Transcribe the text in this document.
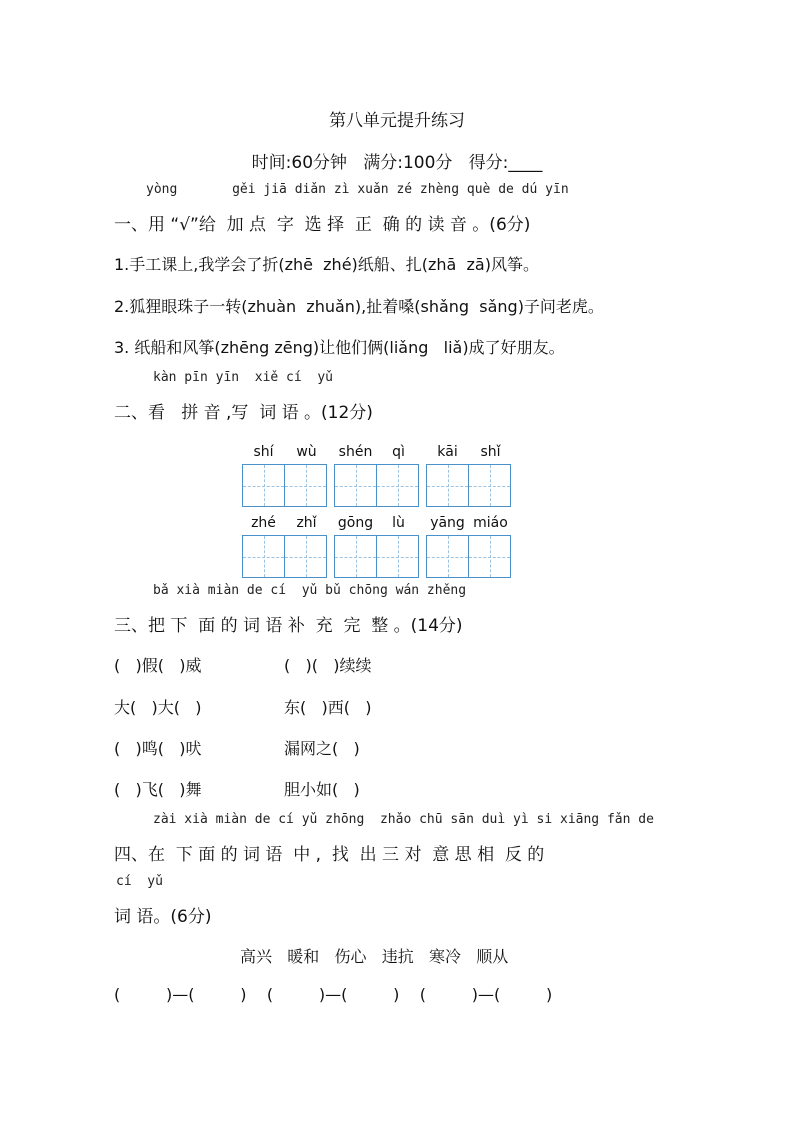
第八单元提升练习
时间:60分钟   满分:100分   得分:____
yòng       gěi jiā diǎn zì xuǎn zé zhèng què de dú yīn
一、用 “√”给  加 点  字  选 择  正  确 的 读 音 。(6分)
1.手工课上,我学会了折(zhē  zhé)纸船、扎(zhā  zā)风筝。
2.狐狸眼珠子一转(zhuàn  zhuǎn),扯着嗓(shǎng  sǎng)子问老虎。
3. 纸船和风筝(zhēng zēng)让他们俩(liǎng   liǎ)成了好朋友。
kàn pīn yīn  xiě cí  yǔ
二、看   拼 音 ,写  词 语 。(12分)
shí	wù	shén	qì	kāi	shǐ
zhé	zhǐ	gōng	lù	yāng miáo
bǎ xià miàn de cí  yǔ bǔ chōng wán zhěng
三、把 下  面 的 词 语 补  充  完  整 。(14分)
(   )假(   )威	(   )(   )续续
大(   )大(   )	东(   )西(   )
(   )鸣(   )吠	漏网之(   )
(   )飞(   )舞	胆小如(   )
zài xià miàn de cí yǔ zhōng  zhǎo chū sān duì yì si xiāng fǎn de
四、在  下 面 的 词 语  中 ,  找  出 三 对  意 思 相  反 的
cí  yǔ
词 语。(6分)
高兴   暖和   伤心   违抗   寒冷   顺从
(         )—(         )    (         )—(         )    (         )—(         )
